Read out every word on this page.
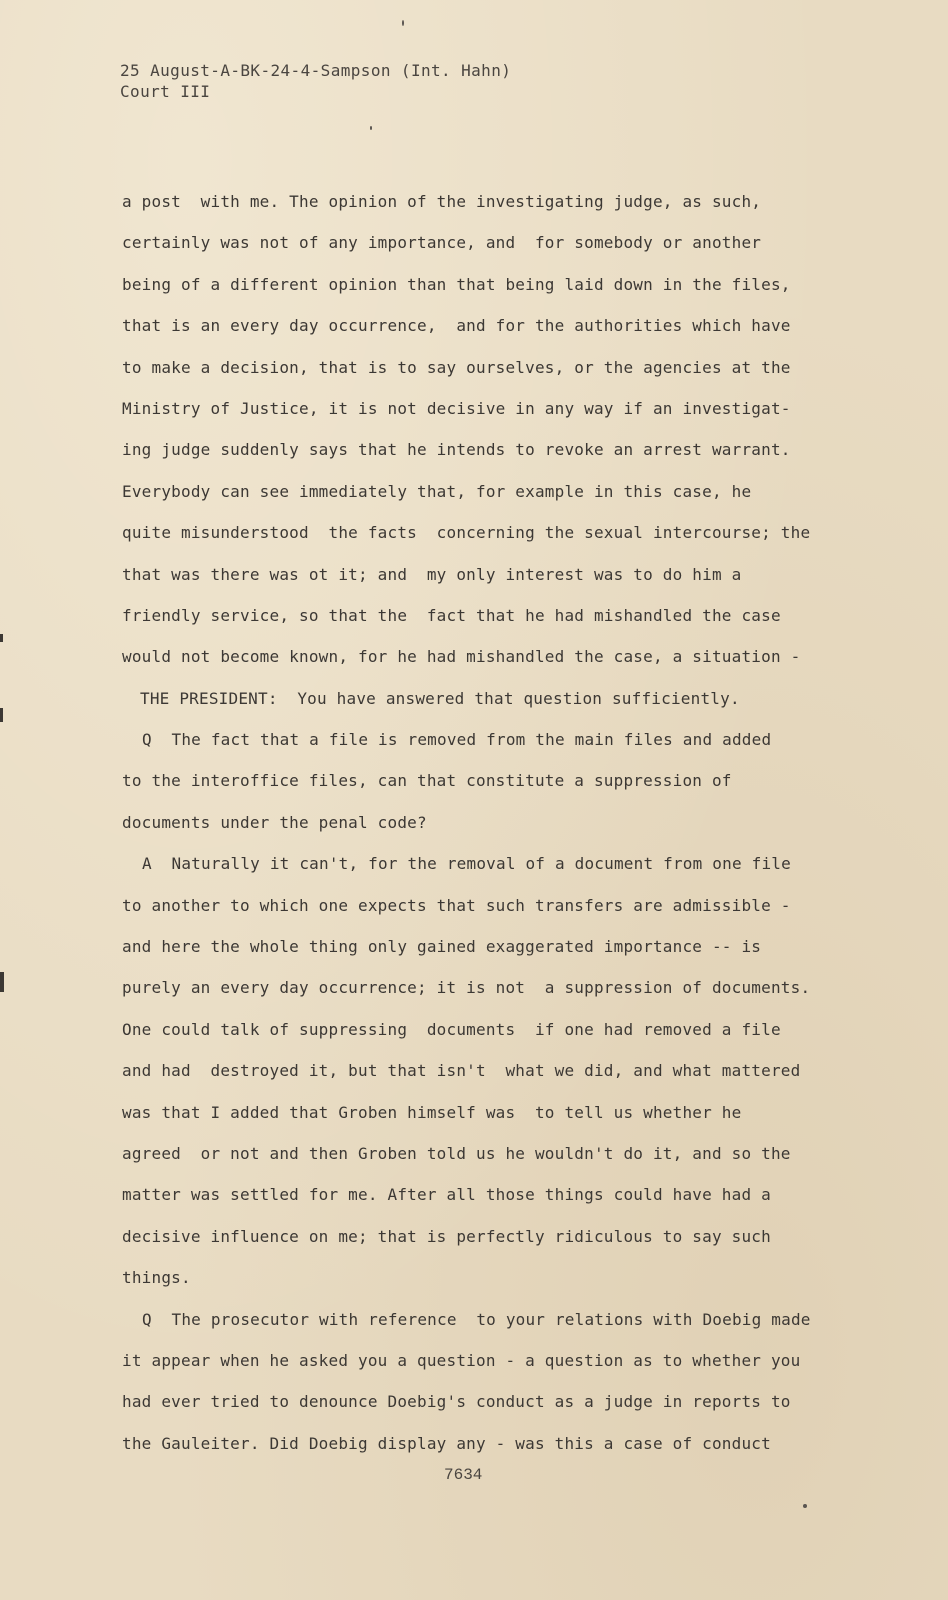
25 August-A-BK-24-4-Sampson (Int. Hahn)
Court III
a post  with me. The opinion of the investigating judge, as such,
certainly was not of any importance, and  for somebody or another
being of a different opinion than that being laid down in the files,
that is an every day occurrence,  and for the authorities which have
to make a decision, that is to say ourselves, or the agencies at the
Ministry of Justice, it is not decisive in any way if an investigat-
ing judge suddenly says that he intends to revoke an arrest warrant.
Everybody can see immediately that, for example in this case, he
quite misunderstood  the facts  concerning the sexual intercourse; the
that was there was ot it; and  my only interest was to do him a
friendly service, so that the  fact that he had mishandled the case
would not become known, for he had mishandled the case, a situation -
THE PRESIDENT:  You have answered that question sufficiently.
Q  The fact that a file is removed from the main files and added
to the interoffice files, can that constitute a suppression of
documents under the penal code?
A  Naturally it can't, for the removal of a document from one file
to another to which one expects that such transfers are admissible -
and here the whole thing only gained exaggerated importance -- is
purely an every day occurrence; it is not  a suppression of documents.
One could talk of suppressing  documents  if one had removed a file
and had  destroyed it, but that isn't  what we did, and what mattered
was that I added that Groben himself was  to tell us whether he
agreed  or not and then Groben told us he wouldn't do it, and so the
matter was settled for me. After all those things could have had a
decisive influence on me; that is perfectly ridiculous to say such
things.
Q  The prosecutor with reference  to your relations with Doebig made
it appear when he asked you a question - a question as to whether you
had ever tried to denounce Doebig's conduct as a judge in reports to
the Gauleiter. Did Doebig display any - was this a case of conduct
7634
